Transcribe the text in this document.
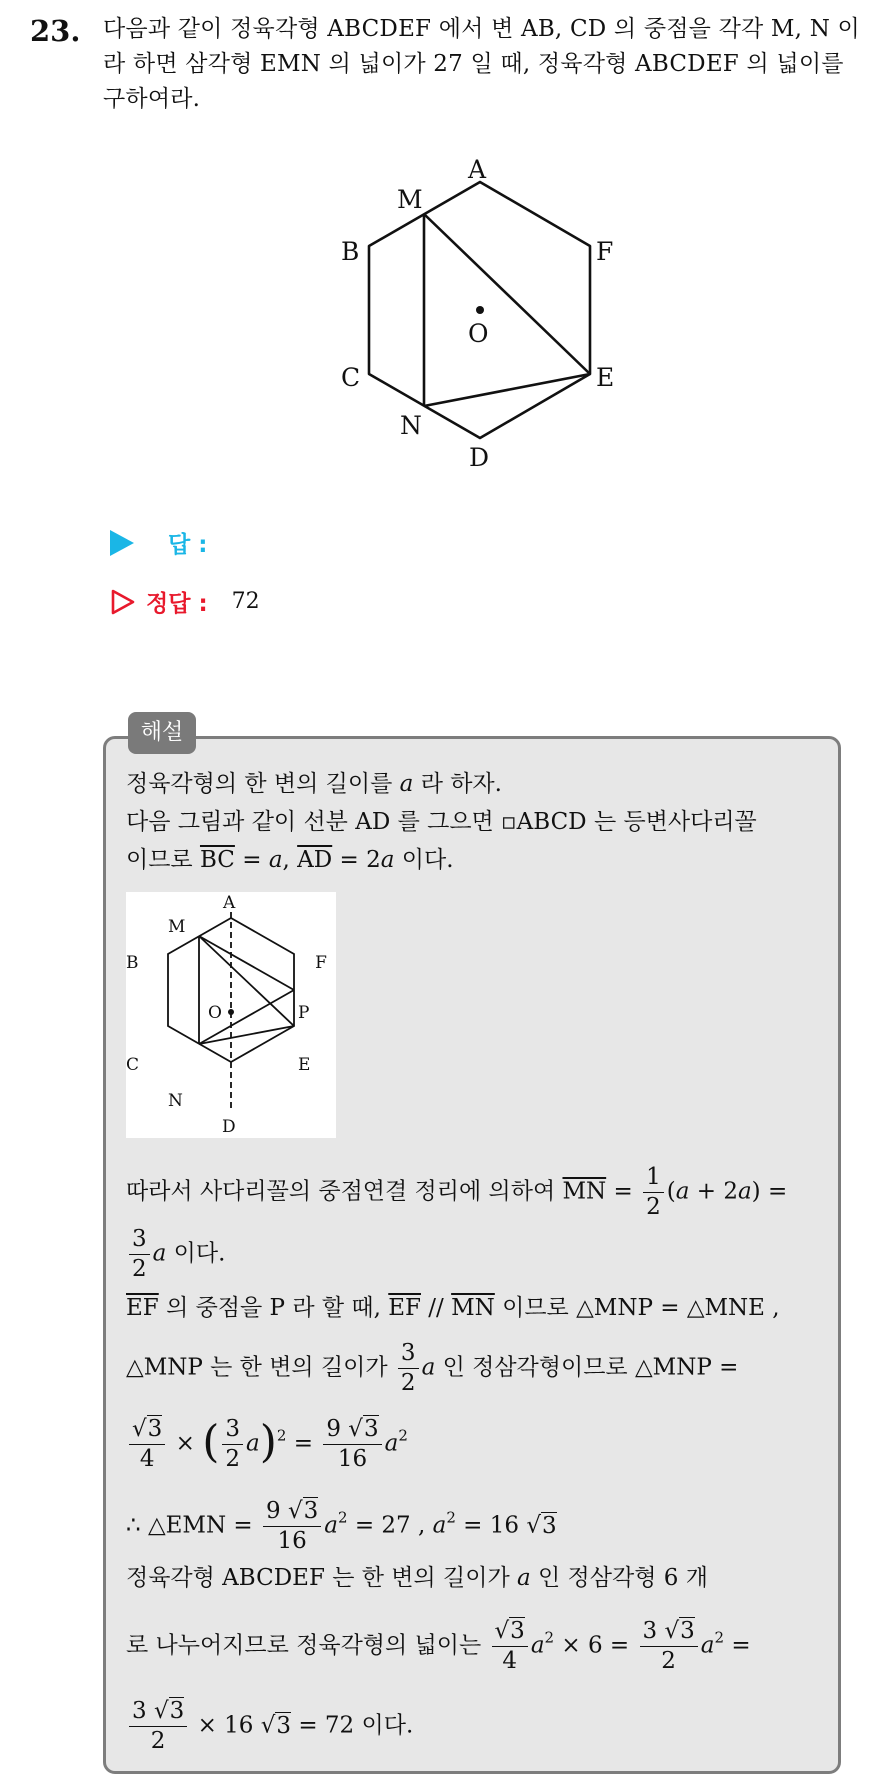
23. 다음과 같이 정육각형 ABCDEF 에서 변 AB, CD 의 중점을 각각 M, N 이라 하면 삼각형 EMN 의 넓이가 27 일 때, 정육각형 ABCDEF 의 넓이를 구하여라.
A
M
B	F
O
C	E
N
D
답 :
정답 : 72
해설
정육각형의 한 변의 길이를 a 라 하자.
다음 그림과 같이 선분 AD 를 그으면 ▫ABCD 는 등변사다리꼴
이므로 $\overline{BC} = a$, $\overline{AD} = 2a$ 이다.
A
M
B	F
O	P
C	E
N
D
따라서 사다리꼴의 중점연결 정리에 의하여 $\overline{MN} = \frac{1}{2} (a + 2a)$ =
$\frac{3}{2}$ a 이다.
$\overline{EF}$ 의 중점을 P 라 할 때, $\overline{EF} // \overline{MN}$ 이므로 △MNP = △MNE ,
△MNP 는 한 변의 길이가 $\frac{3}{2}$ a 인 정삼각형이므로 △MNP =
$\frac{√3}{4}$ × ( $\frac{3}{2} a)^2 = \frac{9 √3}{16} a^2$
∴ △EMN = $\frac{9 √3}{16} a^2 = 27$ , $a^2 = 16$ √3
정육각형 ABCDEF 는 한 변의 길이가 a 인 정삼각형 6 개
로 나누어지므로 정육각형의 넓이는 $\frac{√3}{4} a^2 \times 6 = \frac{3 √3}{2} a^2$ =
$\frac{3 √3}{2} \times 16$ √3 = 72 이다.
